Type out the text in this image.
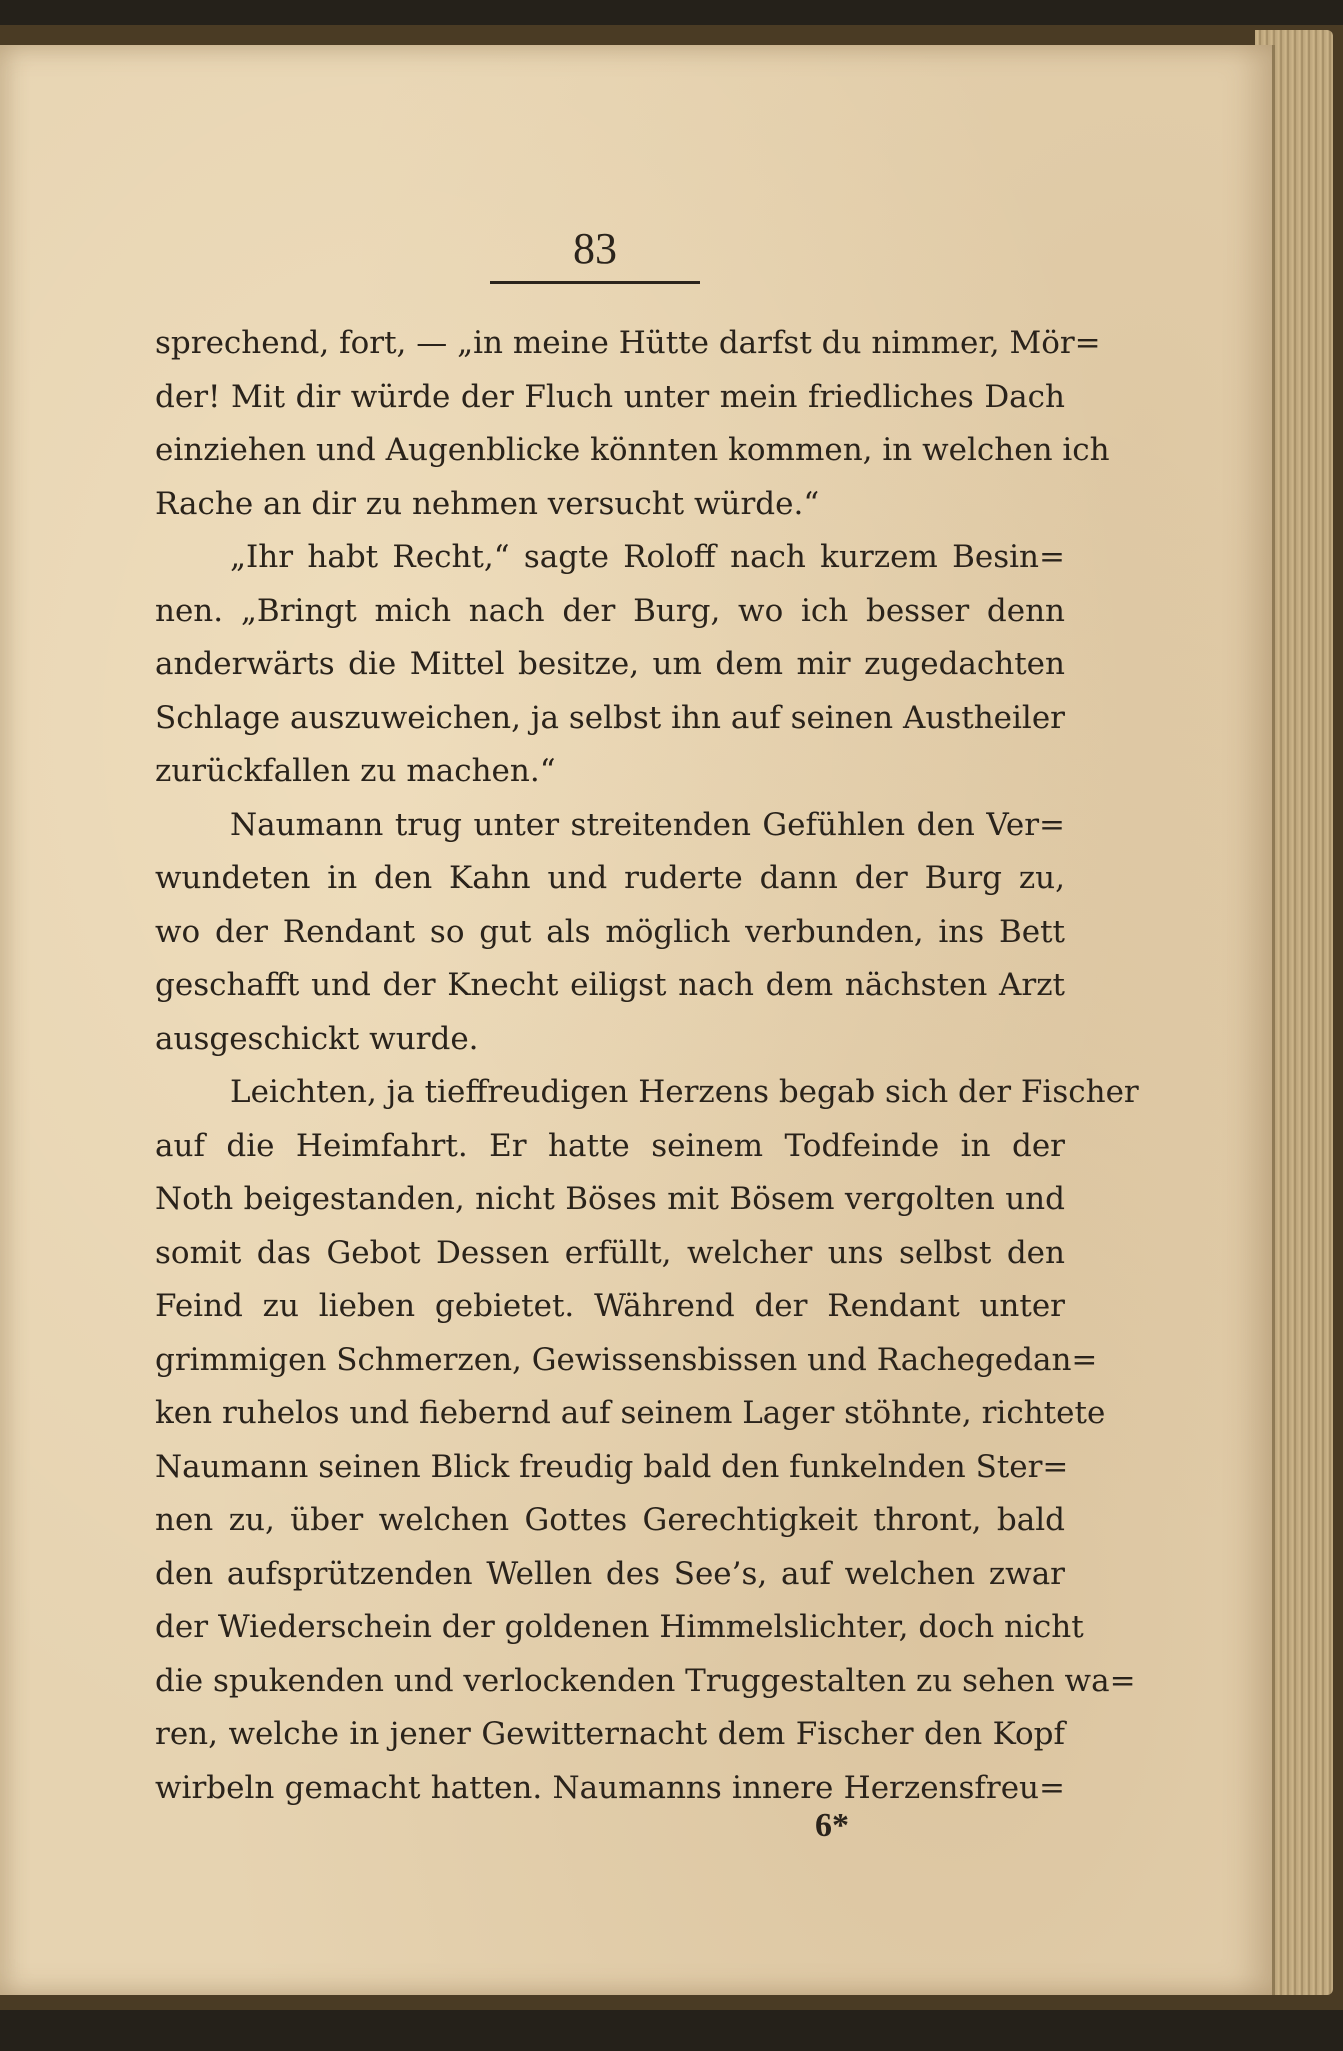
83
sprechend, fort, — „in meine Hütte darfst du nimmer, Mör=
der! Mit dir würde der Fluch unter mein friedliches Dach
einziehen und Augenblicke könnten kommen, in welchen ich
Rache an dir zu nehmen versucht würde.“
„Ihr habt Recht,“ sagte Roloff nach kurzem Besin=
nen. „Bringt mich nach der Burg, wo ich besser denn
anderwärts die Mittel besitze, um dem mir zugedachten
Schlage auszuweichen, ja selbst ihn auf seinen Austheiler
zurückfallen zu machen.“
Naumann trug unter streitenden Gefühlen den Ver=
wundeten in den Kahn und ruderte dann der Burg zu,
wo der Rendant so gut als möglich verbunden, ins Bett
geschafft und der Knecht eiligst nach dem nächsten Arzt
ausgeschickt wurde.
Leichten, ja tieffreudigen Herzens begab sich der Fischer
auf die Heimfahrt. Er hatte seinem Todfeinde in der
Noth beigestanden, nicht Böses mit Bösem vergolten und
somit das Gebot Dessen erfüllt, welcher uns selbst den
Feind zu lieben gebietet. Während der Rendant unter
grimmigen Schmerzen, Gewissensbissen und Rachegedan=
ken ruhelos und fiebernd auf seinem Lager stöhnte, richtete
Naumann seinen Blick freudig bald den funkelnden Ster=
nen zu, über welchen Gottes Gerechtigkeit thront, bald
den aufsprützenden Wellen des See’s, auf welchen zwar
der Wiederschein der goldenen Himmelslichter, doch nicht
die spukenden und verlockenden Truggestalten zu sehen wa=
ren, welche in jener Gewitternacht dem Fischer den Kopf
wirbeln gemacht hatten. Naumanns innere Herzensfreu=
6*
